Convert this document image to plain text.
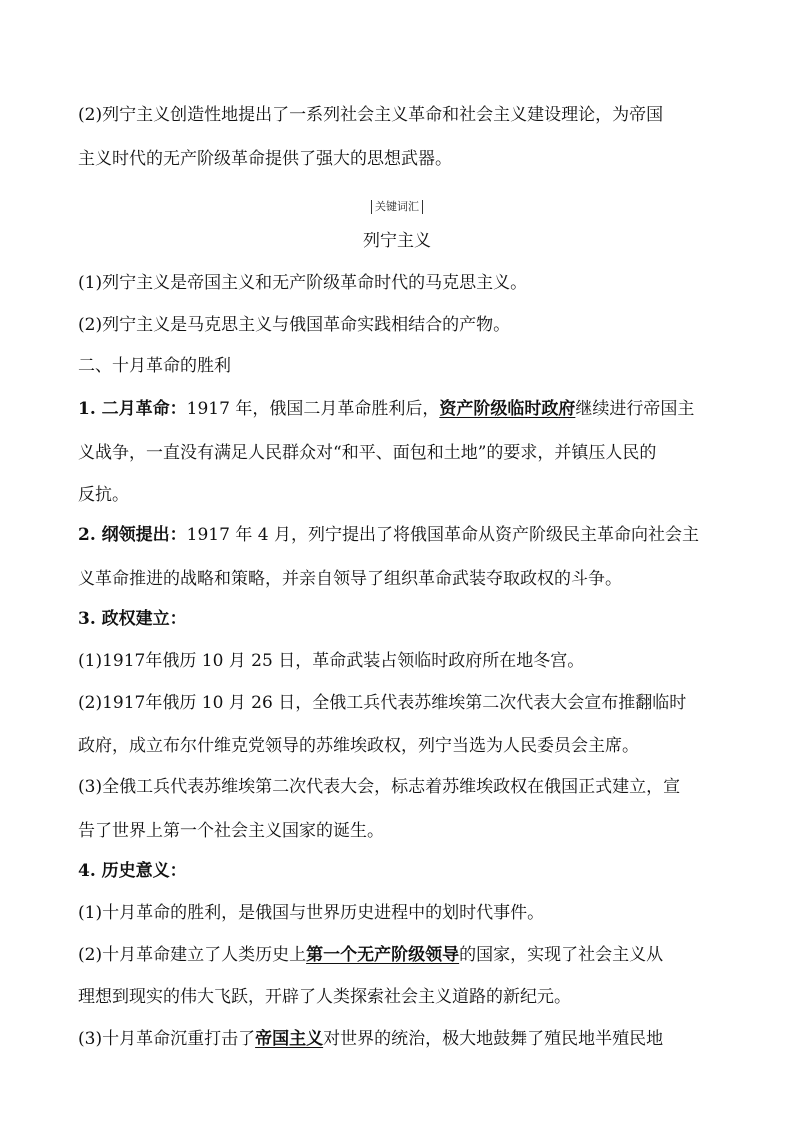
(2)列宁主义创造性地提出了一系列社会主义革命和社会主义建设理论，为帝国
主义时代的无产阶级革命提供了强大的思想武器。
关键词汇
列宁主义
(1)列宁主义是帝国主义和无产阶级革命时代的马克思主义。
(2)列宁主义是马克思主义与俄国革命实践相结合的产物。
二、十月革命的胜利
1. 二月革命：1917 年，俄国二月革命胜利后，资产阶级临时政府继续进行帝国主
义战争，一直没有满足人民群众对“和平、面包和土地”的要求，并镇压人民的
反抗。
2. 纲领提出：1917 年 4 月，列宁提出了将俄国革命从资产阶级民主革命向社会主
义革命推进的战略和策略，并亲自领导了组织革命武装夺取政权的斗争。
3. 政权建立：
(1)1917年俄历 10 月 25 日，革命武装占领临时政府所在地冬宫。
(2)1917年俄历 10 月 26 日，全俄工兵代表苏维埃第二次代表大会宣布推翻临时
政府，成立布尔什维克党领导的苏维埃政权，列宁当选为人民委员会主席。
(3)全俄工兵代表苏维埃第二次代表大会，标志着苏维埃政权在俄国正式建立，宣
告了世界上第一个社会主义国家的诞生。
4. 历史意义：
(1)十月革命的胜利，是俄国与世界历史进程中的划时代事件。
(2)十月革命建立了人类历史上第一个无产阶级领导的国家，实现了社会主义从
理想到现实的伟大飞跃，开辟了人类探索社会主义道路的新纪元。
(3)十月革命沉重打击了帝国主义对世界的统治，极大地鼓舞了殖民地半殖民地
